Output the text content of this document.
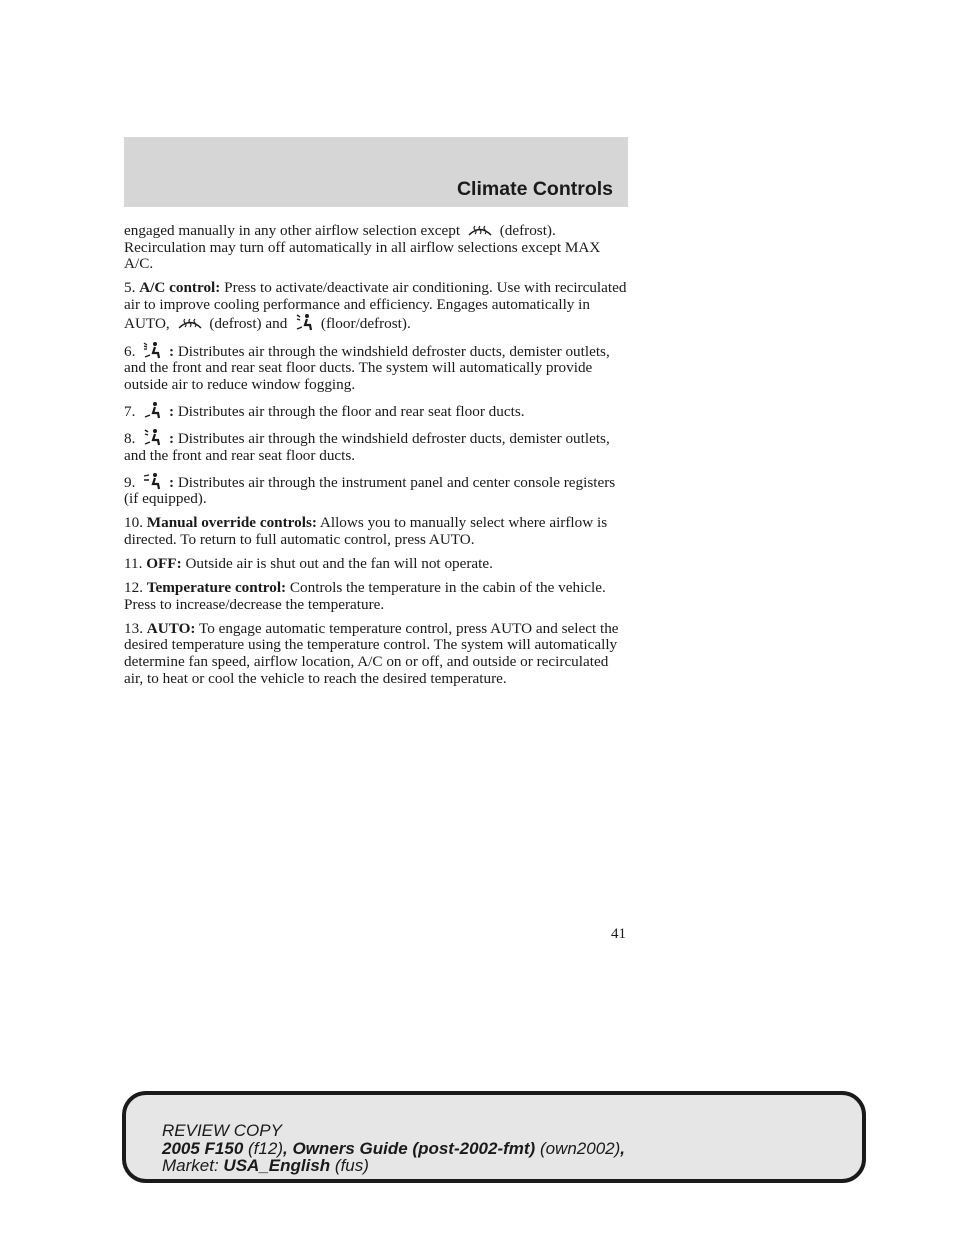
Climate Controls

engaged manually in any other airflow selection except	(defrost). Recirculation may turn off automatically in all airflow selections except MAX A/C.

5. A/C control: Press to activate/deactivate air conditioning. Use with recirculated air to improve cooling performance and efficiency. Engages automatically in AUTO,	(defrost) and (floor/defrost).

6. : Distributes air through the windshield defroster ducts, demister outlets, and the front and rear seat floor ducts. The system will automatically provide outside air to reduce window fogging.

7. : Distributes air through the floor and rear seat floor ducts.

8. : Distributes air through the windshield defroster ducts, demister outlets, and the front and rear seat floor ducts.

9. : Distributes air through the instrument panel and center console registers (if equipped).

10. Manual override controls: Allows you to manually select where airflow is directed. To return to full automatic control, press AUTO.

11. OFF: Outside air is shut out and the fan will not operate.

12. Temperature control: Controls the temperature in the cabin of the vehicle. Press to increase/decrease the temperature.

13. AUTO: To engage automatic temperature control, press AUTO and select the desired temperature using the temperature control. The system will automatically determine fan speed, airflow location, A/C on or off, and outside or recirculated air, to heat or cool the vehicle to reach the desired temperature.

41
REVIEW COPY
2005 F150 (f12), Owners Guide (post-2002-fmt) (own2002),
Market: USA_English (fus)
